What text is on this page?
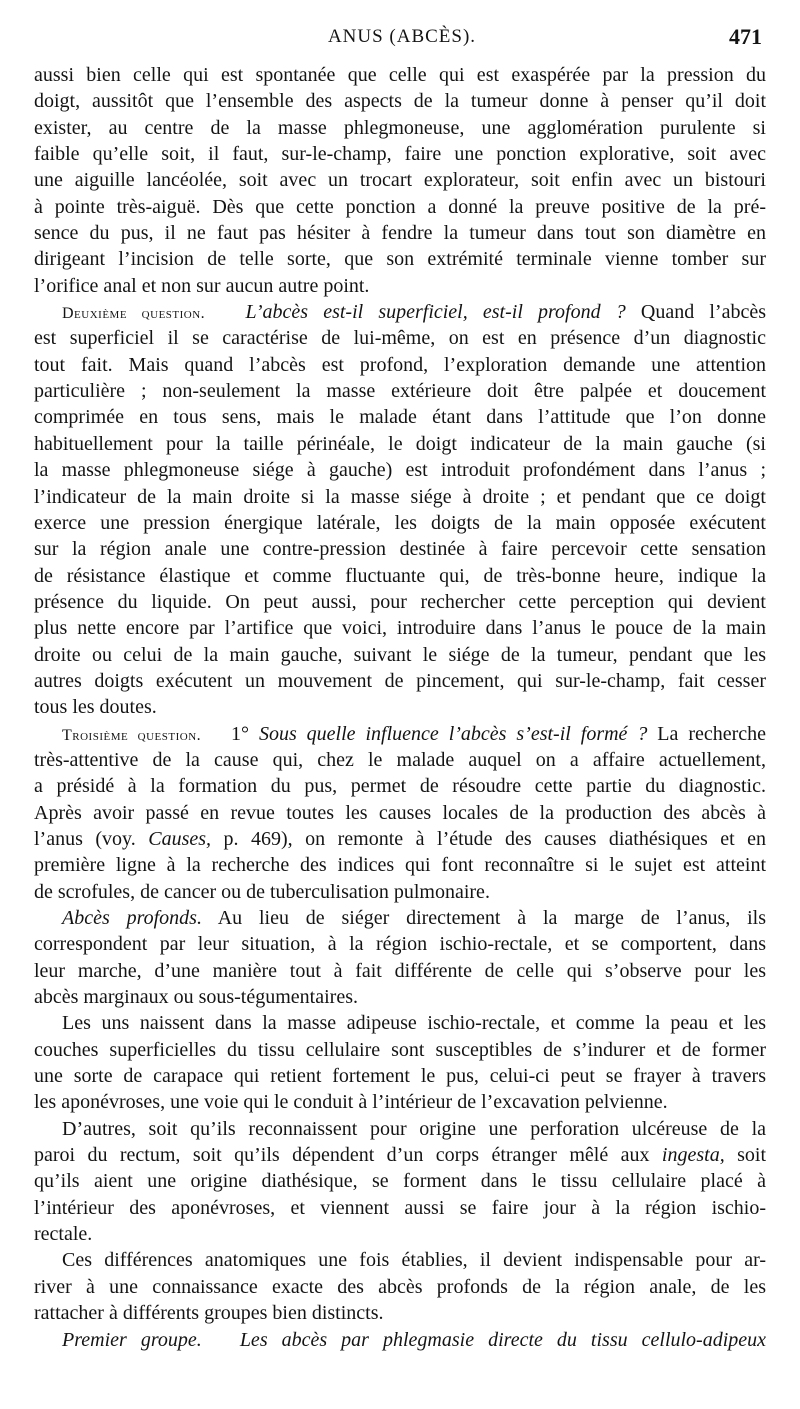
ANUS (ABCÈS).	471
aussi bien celle qui est spontanée que celle qui est exaspérée par la pression du
doigt, aussitôt que l’ensemble des aspects de la tumeur donne à penser qu’il doit
exister, au centre de la masse phlegmoneuse, une agglomération purulente si
faible qu’elle soit, il faut, sur-le-champ, faire une ponction explorative, soit avec
une aiguille lancéolée, soit avec un trocart explorateur, soit enfin avec un bistouri
à pointe très-aiguë. Dès que cette ponction a donné la preuve positive de la pré-
sence du pus, il ne faut pas hésiter à fendre la tumeur dans tout son diamètre en
dirigeant l’incision de telle sorte, que son extrémité terminale vienne tomber sur
l’orifice anal et non sur aucun autre point.
Deuxième question. L’abcès est-il superficiel, est-il profond ? Quand l’abcès
est superficiel il se caractérise de lui-même, on est en présence d’un diagnostic
tout fait. Mais quand l’abcès est profond, l’exploration demande une attention
particulière ; non-seulement la masse extérieure doit être palpée et doucement
comprimée en tous sens, mais le malade étant dans l’attitude que l’on donne
habituellement pour la taille périnéale, le doigt indicateur de la main gauche (si
la masse phlegmoneuse siége à gauche) est introduit profondément dans l’anus ;
l’indicateur de la main droite si la masse siége à droite ; et pendant que ce doigt
exerce une pression énergique latérale, les doigts de la main opposée exécutent
sur la région anale une contre-pression destinée à faire percevoir cette sensation
de résistance élastique et comme fluctuante qui, de très-bonne heure, indique la
présence du liquide. On peut aussi, pour rechercher cette perception qui devient
plus nette encore par l’artifice que voici, introduire dans l’anus le pouce de la main
droite ou celui de la main gauche, suivant le siége de la tumeur, pendant que les
autres doigts exécutent un mouvement de pincement, qui sur-le-champ, fait cesser
tous les doutes.
Troisième question. 1° Sous quelle influence l’abcès s’est-il formé ? La recherche
très-attentive de la cause qui, chez le malade auquel on a affaire actuellement,
a présidé à la formation du pus, permet de résoudre cette partie du diagnostic.
Après avoir passé en revue toutes les causes locales de la production des abcès à
l’anus (voy. Causes, p. 469), on remonte à l’étude des causes diathésiques et en
première ligne à la recherche des indices qui font reconnaître si le sujet est atteint
de scrofules, de cancer ou de tuberculisation pulmonaire.
Abcès profonds. Au lieu de siéger directement à la marge de l’anus, ils
correspondent par leur situation, à la région ischio-rectale, et se comportent, dans
leur marche, d’une manière tout à fait différente de celle qui s’observe pour les
abcès marginaux ou sous-tégumentaires.
Les uns naissent dans la masse adipeuse ischio-rectale, et comme la peau et les
couches superficielles du tissu cellulaire sont susceptibles de s’indurer et de former
une sorte de carapace qui retient fortement le pus, celui-ci peut se frayer à travers
les aponévroses, une voie qui le conduit à l’intérieur de l’excavation pelvienne.
D’autres, soit qu’ils reconnaissent pour origine une perforation ulcéreuse de la
paroi du rectum, soit qu’ils dépendent d’un corps étranger mêlé aux ingesta, soit
qu’ils aient une origine diathésique, se forment dans le tissu cellulaire placé à
l’intérieur des aponévroses, et viennent aussi se faire jour à la région ischio-
rectale.
Ces différences anatomiques une fois établies, il devient indispensable pour ar-
river à une connaissance exacte des abcès profonds de la région anale, de les
rattacher à différents groupes bien distincts.
Premier groupe. Les abcès par phlegmasie directe du tissu cellulo-adipeux
